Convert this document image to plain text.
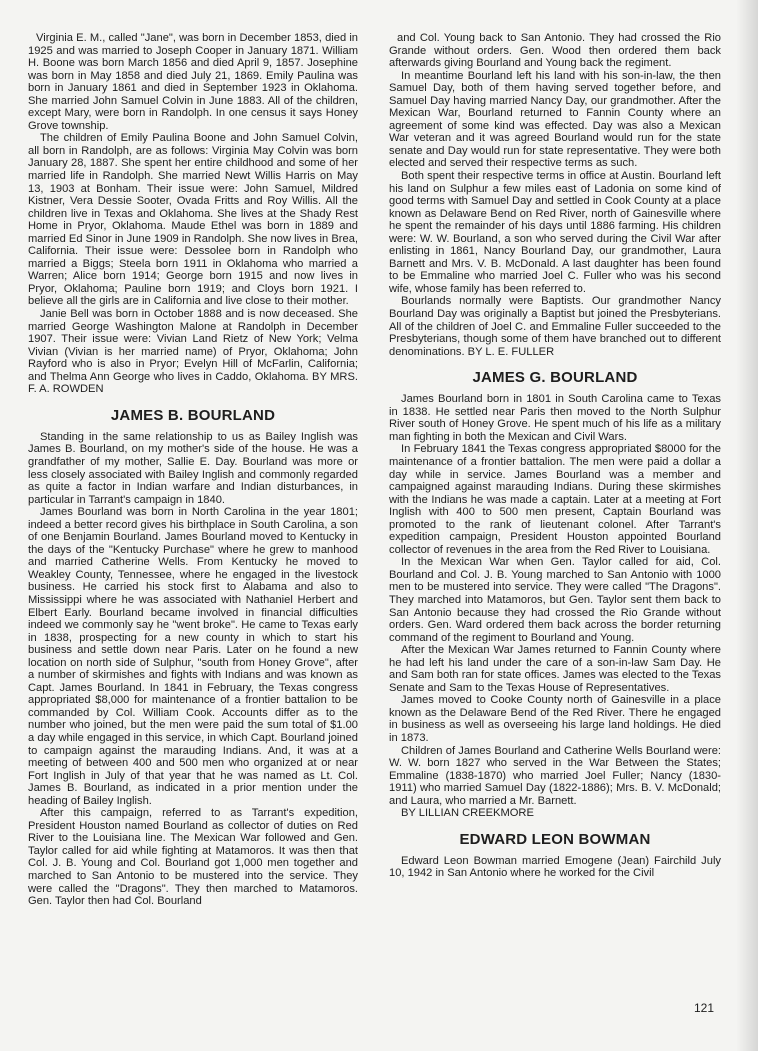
Virginia E. M., called "Jane", was born in December 1853, died in 1925 and was married to Joseph Cooper in January 1871. William H. Boone was born March 1856 and died April 9, 1857. Josephine was born in May 1858 and died July 21, 1869. Emily Paulina was born in January 1861 and died in September 1923 in Oklahoma. She married John Samuel Colvin in June 1883. All of the children, except Mary, were born in Randolph. In one census it says Honey Grove township.

The children of Emily Paulina Boone and John Samuel Colvin, all born in Randolph, are as follows: Virginia May Colvin was born January 28, 1887. She spent her entire childhood and some of her married life in Randolph. She married Newt Willis Harris on May 13, 1903 at Bonham. Their issue were: John Samuel, Mildred Kistner, Vera Dessie Sooter, Ovada Fritts and Roy Willis. All the children live in Texas and Oklahoma. She lives at the Shady Rest Home in Pryor, Oklahoma. Maude Ethel was born in 1889 and married Ed Sinor in June 1909 in Randolph. She now lives in Brea, California. Their issue were: Dessolee born in Randolph who married a Biggs; Steela born 1911 in Oklahoma who married a Warren; Alice born 1914; George born 1915 and now lives in Pryor, Oklahoma; Pauline born 1919; and Cloys born 1921. I believe all the girls are in California and live close to their mother.

Janie Bell was born in October 1888 and is now deceased. She married George Washington Malone at Randolph in December 1907. Their issue were: Vivian Land Rietz of New York; Velma Vivian (Vivian is her married name) of Pryor, Oklahoma; John Rayford who is also in Pryor; Evelyn Hill of McFarlin, California; and Thelma Ann George who lives in Caddo, Oklahoma. BY MRS. F. A. ROWDEN

JAMES B. BOURLAND

Standing in the same relationship to us as Bailey Inglish was James B. Bourland, on my mother's side of the house. He was a grandfather of my mother, Sallie E. Day. Bourland was more or less closely associated with Bailey Inglish and commonly regarded as quite a factor in Indian warfare and Indian disturbances, in particular in Tarrant's campaign in 1840.

James Bourland was born in North Carolina in the year 1801; indeed a better record gives his birthplace in South Carolina, a son of one Benjamin Bourland. James Bourland moved to Kentucky in the days of the "Kentucky Purchase" where he grew to manhood and married Catherine Wells. From Kentucky he moved to Weakley County, Tennessee, where he engaged in the livestock business. He carried his stock first to Alabama and also to Mississippi where he was associated with Nathaniel Herbert and Elbert Early. Bourland became involved in financial difficulties indeed we commonly say he "went broke". He came to Texas early in 1838, prospecting for a new county in which to start his business and settle down near Paris. Later on he found a new location on north side of Sulphur, "south from Honey Grove", after a number of skirmishes and fights with Indians and was known as Capt. James Bourland. In 1841 in February, the Texas congress appropriated $8,000 for maintenance of a frontier battalion to be commanded by Col. William Cook. Accounts differ as to the number who joined, but the men were paid the sum total of $1.00 a day while engaged in this service, in which Capt. Bourland joined to campaign against the marauding Indians. And, it was at a meeting of between 400 and 500 men who organized at or near Fort Inglish in July of that year that he was named as Lt. Col. James B. Bourland, as indicated in a prior mention under the heading of Bailey Inglish.

After this campaign, referred to as Tarrant's expedition, President Houston named Bourland as collector of duties on Red River to the Louisiana line. The Mexican War followed and Gen. Taylor called for aid while fighting at Matamoros. It was then that Col. J. B. Young and Col. Bourland got 1,000 men together and marched to San Antonio to be mustered into the service. They were called the "Dragons". They then marched to Matamoros. Gen. Taylor then had Col. Bourland

and Col. Young back to San Antonio. They had crossed the Rio Grande without orders. Gen. Wood then ordered them back afterwards giving Bourland and Young back the regiment.

In meantime Bourland left his land with his son-in-law, the then Samuel Day, both of them having served together before, and Samuel Day having married Nancy Day, our grandmother. After the Mexican War, Bourland returned to Fannin County where an agreement of some kind was effected. Day was also a Mexican War veteran and it was agreed Bourland would run for the state senate and Day would run for state representative. They were both elected and served their respective terms as such.

Both spent their respective terms in office at Austin. Bourland left his land on Sulphur a few miles east of Ladonia on some kind of good terms with Samuel Day and settled in Cook County at a place known as Delaware Bend on Red River, north of Gainesville where he spent the remainder of his days until 1886 farming. His children were: W. W. Bourland, a son who served during the Civil War after enlisting in 1861, Nancy Bourland Day, our grandmother, Laura Barnett and Mrs. V. B. McDonald. A last daughter has been found to be Emmaline who married Joel C. Fuller who was his second wife, whose family has been referred to.

Bourlands normally were Baptists. Our grandmother Nancy Bourland Day was originally a Baptist but joined the Presbyterians. All of the children of Joel C. and Emmaline Fuller succeeded to the Presbyterians, though some of them have branched out to different denominations. BY L. E. FULLER

JAMES G. BOURLAND

James Bourland born in 1801 in South Carolina came to Texas in 1838. He settled near Paris then moved to the North Sulphur River south of Honey Grove. He spent much of his life as a military man fighting in both the Mexican and Civil Wars.

In February 1841 the Texas congress appropriated $8000 for the maintenance of a frontier battalion. The men were paid a dollar a day while in service. James Bourland was a member and campaigned against marauding Indians. During these skirmishes with the Indians he was made a captain. Later at a meeting at Fort Inglish with 400 to 500 men present, Captain Bourland was promoted to the rank of lieutenant colonel. After Tarrant's expedition campaign, President Houston appointed Bourland collector of revenues in the area from the Red River to Louisiana.

In the Mexican War when Gen. Taylor called for aid, Col. Bourland and Col. J. B. Young marched to San Antonio with 1000 men to be mustered into service. They were called "The Dragons". They marched into Matamoros, but Gen. Taylor sent them back to San Antonio because they had crossed the Rio Grande without orders. Gen. Ward ordered them back across the border returning command of the regiment to Bourland and Young.

After the Mexican War James returned to Fannin County where he had left his land under the care of a son-in-law Sam Day. He and Sam both ran for state offices. James was elected to the Texas Senate and Sam to the Texas House of Representatives.

James moved to Cooke County north of Gainesville in a place known as the Delaware Bend of the Red River. There he engaged in business as well as overseeing his large land holdings. He died in 1873.

Children of James Bourland and Catherine Wells Bourland were: W. W. born 1827 who served in the War Between the States; Emmaline (1838-1870) who married Joel Fuller; Nancy (1830-1911) who married Samuel Day (1822-1886); Mrs. B. V. McDonald; and Laura, who married a Mr. Barnett.

BY LILLIAN CREEKMORE

EDWARD LEON BOWMAN

Edward Leon Bowman married Emogene (Jean) Fairchild July 10, 1942 in San Antonio where he worked for the Civil

121
